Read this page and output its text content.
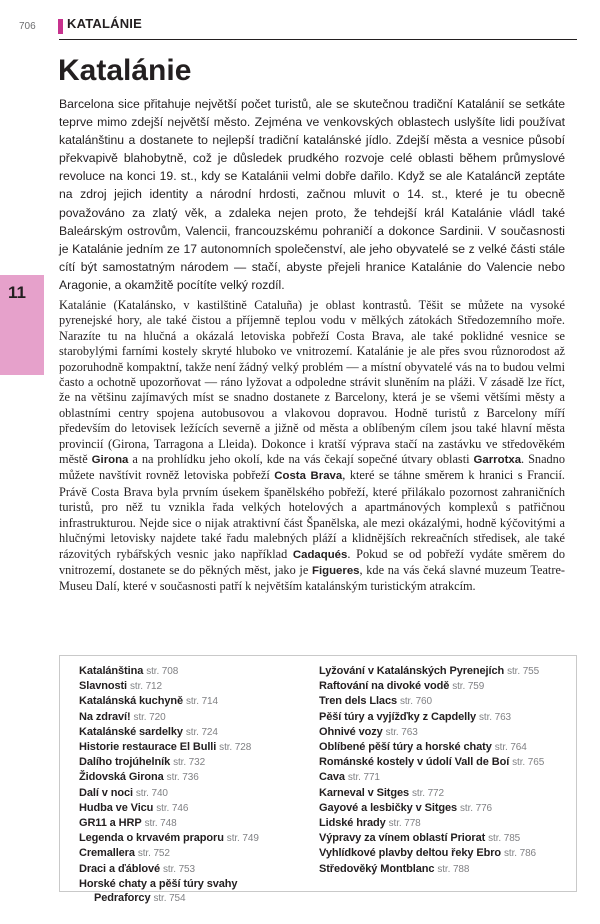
706 KATALÁNIE
Katalánie

Barcelona sice přitahuje největší počet turistů, ale se skutečnou tradiční Katalánií se setkáte teprve mimo zdejší největší město. Zejména ve venkovských oblastech uslyšíte lidi používat katalánštinu a dostanete to nejlepší tradiční katalánské jídlo. Zdejší města a vesnice působí překvapivě blahobytně, což je důsledek prudkého rozvoje celé oblasti během průmyslové revoluce na konci 19. st., kdy se Katalánii velmi dobře dařilo. Když se ale Kataláncй zeptáte na zdroj jejich identity a národní hrdosti, začnou mluvit o 14. st., které je tu obecně považováno za zlatý věk, a zdaleka nejen proto, že tehdejší král Katalánie vládl také Baleárským ostrovům, Valencii, francouzskému pohraničí a dokonce Sardinii. V současnosti je Katalánie jedním ze 17 autonomních společenství, ale jeho obyvatelé se z velké části stále cítí být samostatným národem — stačí, abyste přejeli hranice Katalánie do Valencie nebo Aragonie, a okamžitě pocítíte velký rozdíl.

11

Katalánie (Katalánsko, v kastilštině Cataluña) je oblast kontrastů. Těšit se můžete na vysoké pyrenejské hory, ale také čistou a příjemně teplou vodu v mělkých zátokách Středozemního moře. Narazíte tu na hlučná a okázalá letoviska pobřeží Costa Brava, ale také poklidné vesnice se starobylými farními kostely skryté hluboko ve vnitrozemí. Katalánie je ale přes svou různorodost až pozoruhodně kompaktní, takže není žádný velký problém — a místní obyvatelé vás na to budou velmi často a ochotně upozorňovat — ráno lyžovat a odpoledne strávit sluněním na pláži. V zásadě lze říct, že na většinu zajímavých míst se snadno dostanete z Barcelony, která je se všemi většími městy a oblastními centry spojena autobusovou a vlakovou dopravou. Hodně turistů z Barcelony míří především do letovisek ležících severně a jižně od města a oblíbeným cílem jsou také hlavní města provincií (Girona, Tarragona a Lleida). Dokonce i kratší výprava stačí na zastávku ve středověkém městě Girona a na prohlídku jeho okolí, kde na vás čekají sopečné útvary oblasti Garrotxa. Snadno můžete navštívit rovněž letoviska pobřeží Costa Brava, které se táhne směrem k hranici s Francií. Právě Costa Brava byla prvním úsekem španělského pobřeží, které přilákalo pozornost zahraničních turistů, pro něž tu vznikla řada velkých hotelových a apartmánových komplexů s patřičnou infrastrukturou. Nejde sice o nijak atraktivní část Španělska, ale mezi okázalými, hodně kýčovitými a hlučnými letovisky najdete také řadu malebných pláží a klidnějších rekreačních středisek, ale také rázovitých rybářských vesnic jako například Cadaqués. Pokud se od pobřeží vydáte směrem do vnitrozemí, dostanete se do pěkných měst, jako je Figueres, kde na vás čeká slavné muzeum Teatre-Museu Dalí, které v současnosti patří k největším katalánským turistickým atrakcím.

Katalánština str. 708
Slavnosti str. 712
Katalánská kuchyně str. 714
Na zdraví! str. 720
Katalánské sardelky str. 724
Historie restaurace El Bulli str. 728
Dalího trojúhelník str. 732
Židovská Girona str. 736
Dalí v noci str. 740
Hudba ve Vicu str. 746
GR11 a HRP str. 748
Legenda o krvavém praporu str. 749
Cremallera str. 752
Draci a ďáblové str. 753
Horské chaty a pěší túry svahy
Pedraforcy str. 754
Lyžování v Katalánských Pyrenejích str. 755
Raftování na divoké vodě str. 759
Tren dels Llacs str. 760
Pěší túry a vyjížďky z Capdelly str. 763
Ohnivé vozy str. 763
Oblíbené pěší túry a horské chaty str. 764
Románské kostely v údolí Vall de Boí str. 765
Cava str. 771
Karneval v Sitges str. 772
Gayové a lesbičky v Sitges str. 776
Lidské hrady str. 778
Výpravy za vínem oblastí Priorat str. 785
Vyhlídkové plavby deltou řeky Ebro str. 786
Středověký Montblanc str. 788
